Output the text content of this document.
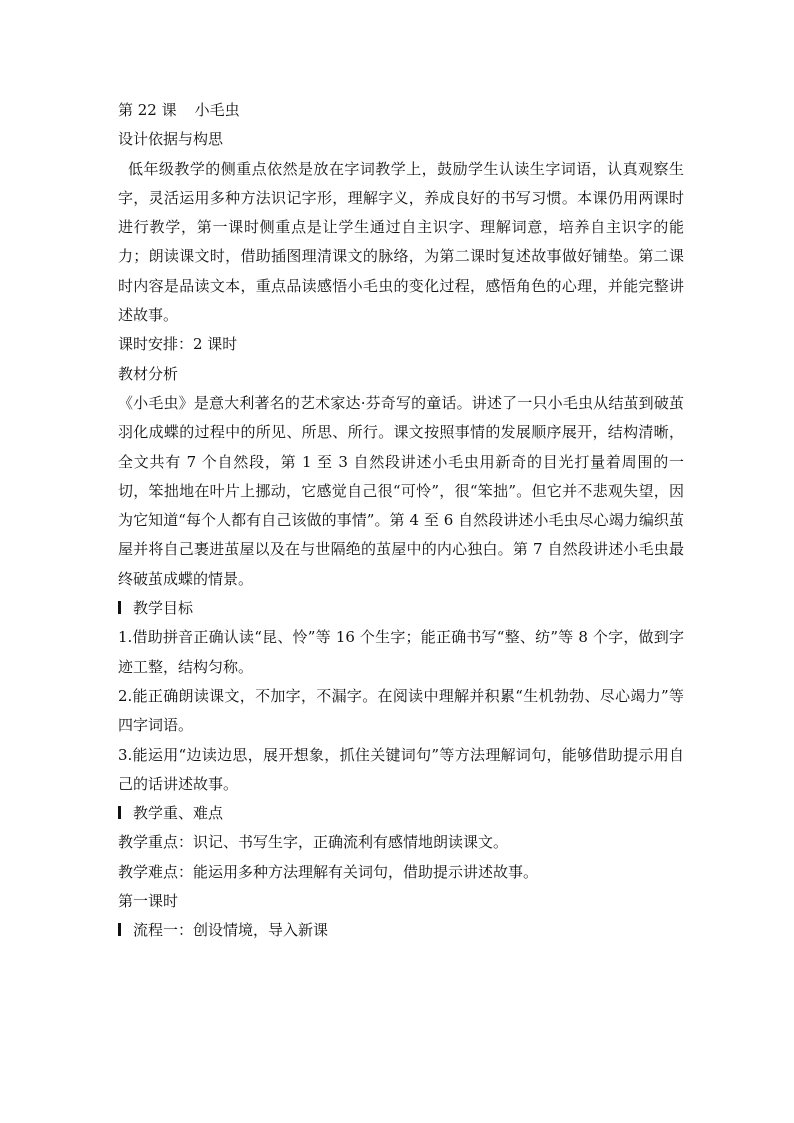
第 22 课 小毛虫

设计依据与构思

低年级教学的侧重点依然是放在字词教学上，鼓励学生认读生字词语，认真观察生字，灵活运用多种方法识记字形，理解字义，养成良好的书写习惯。本课仍用两课时进行教学，第一课时侧重点是让学生通过自主识字、理解词意，培养自主识字的能力；朗读课文时，借助插图理清课文的脉络，为第二课时复述故事做好铺垫。第二课时内容是品读文本，重点品读感悟小毛虫的变化过程，感悟角色的心理，并能完整讲述故事。

课时安排：2 课时

教材分析

《小毛虫》是意大利著名的艺术家达·芬奇写的童话。讲述了一只小毛虫从结茧到破茧羽化成蝶的过程中的所见、所思、所行。课文按照事情的发展顺序展开，结构清晰，全文共有 7 个自然段，第 1 至 3 自然段讲述小毛虫用新奇的目光打量着周围的一切，笨拙地在叶片上挪动，它感觉自己很“可怜”，很“笨拙”。但它并不悲观失望，因为它知道“每个人都有自己该做的事情”。第 4 至 6 自然段讲述小毛虫尽心竭力编织茧屋并将自己裹进茧屋以及在与世隔绝的茧屋中的内心独白。第 7 自然段讲述小毛虫最终破茧成蝶的情景。

教学目标

1.借助拼音正确认读“昆、怜”等 16 个生字；能正确书写“整、纺”等 8 个字，做到字迹工整，结构匀称。

2.能正确朗读课文，不加字，不漏字。在阅读中理解并积累“生机勃勃、尽心竭力”等四字词语。

3.能运用“边读边思，展开想象，抓住关键词句”等方法理解词句，能够借助提示用自己的话讲述故事。

教学重、难点

教学重点：识记、书写生字，正确流利有感情地朗读课文。

教学难点：能运用多种方法理解有关词句，借助提示讲述故事。

第一课时

流程一：创设情境，导入新课
